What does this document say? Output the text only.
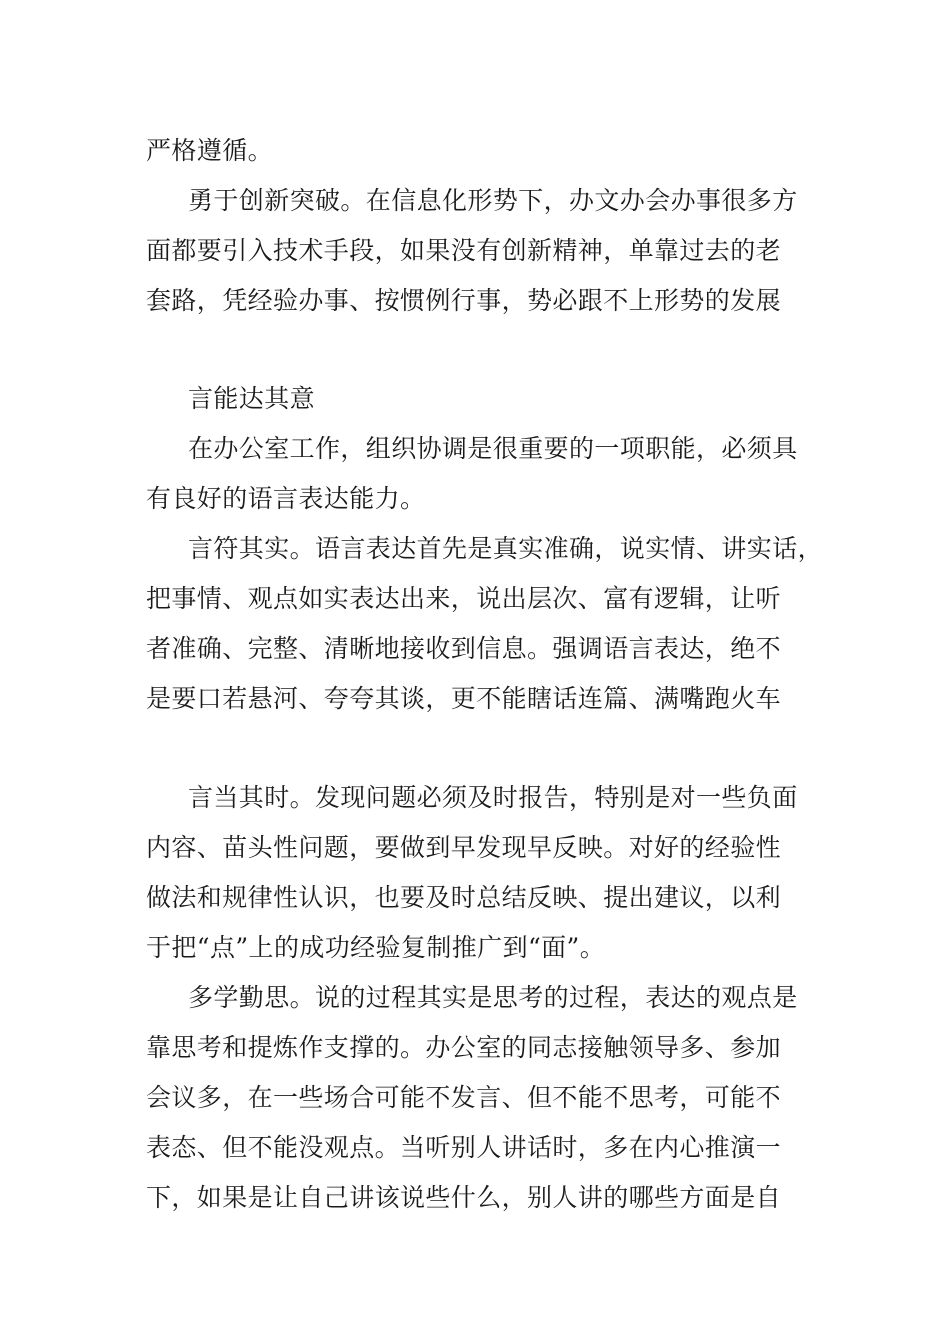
严格遵循。
勇于创新突破。在信息化形势下，办文办会办事很多方
面都要引入技术手段，如果没有创新精神，单靠过去的老
套路，凭经验办事、按惯例行事，势必跟不上形势的发展
言能达其意
在办公室工作，组织协调是很重要的一项职能，必须具
有良好的语言表达能力。
言符其实。语言表达首先是真实准确，说实情、讲实话，
把事情、观点如实表达出来，说出层次、富有逻辑，让听
者准确、完整、清晰地接收到信息。强调语言表达，绝不
是要口若悬河、夸夸其谈，更不能瞎话连篇、满嘴跑火车
言当其时。发现问题必须及时报告，特别是对一些负面
内容、苗头性问题，要做到早发现早反映。对好的经验性
做法和规律性认识，也要及时总结反映、提出建议，以利
于把“点”上的成功经验复制推广到“面”。
多学勤思。说的过程其实是思考的过程，表达的观点是
靠思考和提炼作支撑的。办公室的同志接触领导多、参加
会议多，在一些场合可能不发言、但不能不思考，可能不
表态、但不能没观点。当听别人讲话时，多在内心推演一
下，如果是让自己讲该说些什么，别人讲的哪些方面是自
